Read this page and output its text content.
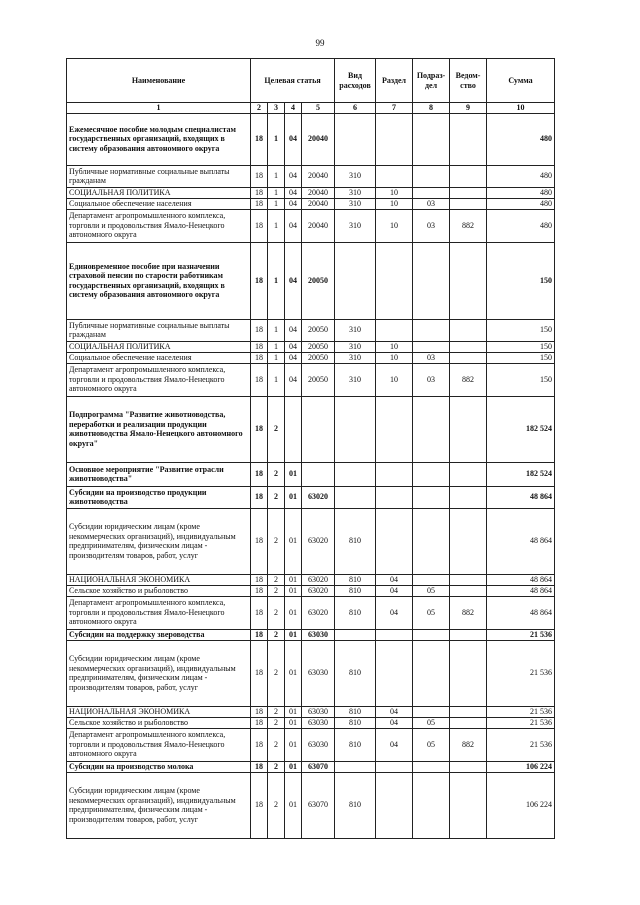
99
Наименование	Целевая статья				Вид расходов	Раздел	Подраз-дел	Ведом-ство	Сумма
1	2	3	4	5	6	7	8	9	10
Ежемесячное пособие молодым специалистам государственных организаций, входящих в систему образования автономного округа	18	1	04	20040					480
Публичные нормативные социальные выплаты гражданам	18	1	04	20040	310				480
СОЦИАЛЬНАЯ ПОЛИТИКА	18	1	04	20040	310	10			480
Социальное обеспечение населения	18	1	04	20040	310	10	03		480
Департамент агропромышленного комплекса, торговли и продовольствия Ямало-Ненецкого автономного округа	18	1	04	20040	310	10	03	882	480
Единовременное пособие при назначении страховой пенсии по старости работникам государственных организаций, входящих в систему образования автономного округа	18	1	04	20050					150
Публичные нормативные социальные выплаты гражданам	18	1	04	20050	310				150
СОЦИАЛЬНАЯ ПОЛИТИКА	18	1	04	20050	310	10			150
Социальное обеспечение населения	18	1	04	20050	310	10	03		150
Департамент агропромышленного комплекса, торговли и продовольствия Ямало-Ненецкого автономного округа	18	1	04	20050	310	10	03	882	150
Подпрограмма "Развитие животноводства, переработки и реализации продукции животноводства Ямало-Ненецкого автономного округа"	18	2							182 524
Основное мероприятие "Развитие отрасли животноводства"	18	2	01						182 524
Субсидии на производство продукции животноводства	18	2	01	63020					48 864
Субсидии юридическим лицам (кроме некоммерческих организаций), индивидуальным предпринимателям, физическим лицам - производителям товаров, работ, услуг	18	2	01	63020	810				48 864
НАЦИОНАЛЬНАЯ ЭКОНОМИКА	18	2	01	63020	810	04			48 864
Сельское хозяйство и рыболовство	18	2	01	63020	810	04	05		48 864
Департамент агропромышленного комплекса, торговли и продовольствия Ямало-Ненецкого автономного округа	18	2	01	63020	810	04	05	882	48 864
Субсидии на поддержку звероводства	18	2	01	63030					21 536
Субсидии юридическим лицам (кроме некоммерческих организаций), индивидуальным предпринимателям, физическим лицам - производителям товаров, работ, услуг	18	2	01	63030	810				21 536
НАЦИОНАЛЬНАЯ ЭКОНОМИКА	18	2	01	63030	810	04			21 536
Сельское хозяйство и рыболовство	18	2	01	63030	810	04	05		21 536
Департамент агропромышленного комплекса, торговли и продовольствия Ямало-Ненецкого автономного округа	18	2	01	63030	810	04	05	882	21 536
Субсидии на производство молока	18	2	01	63070					106 224
Субсидии юридическим лицам (кроме некоммерческих организаций), индивидуальным предпринимателям, физическим лицам - производителям товаров, работ, услуг	18	2	01	63070	810				106 224
